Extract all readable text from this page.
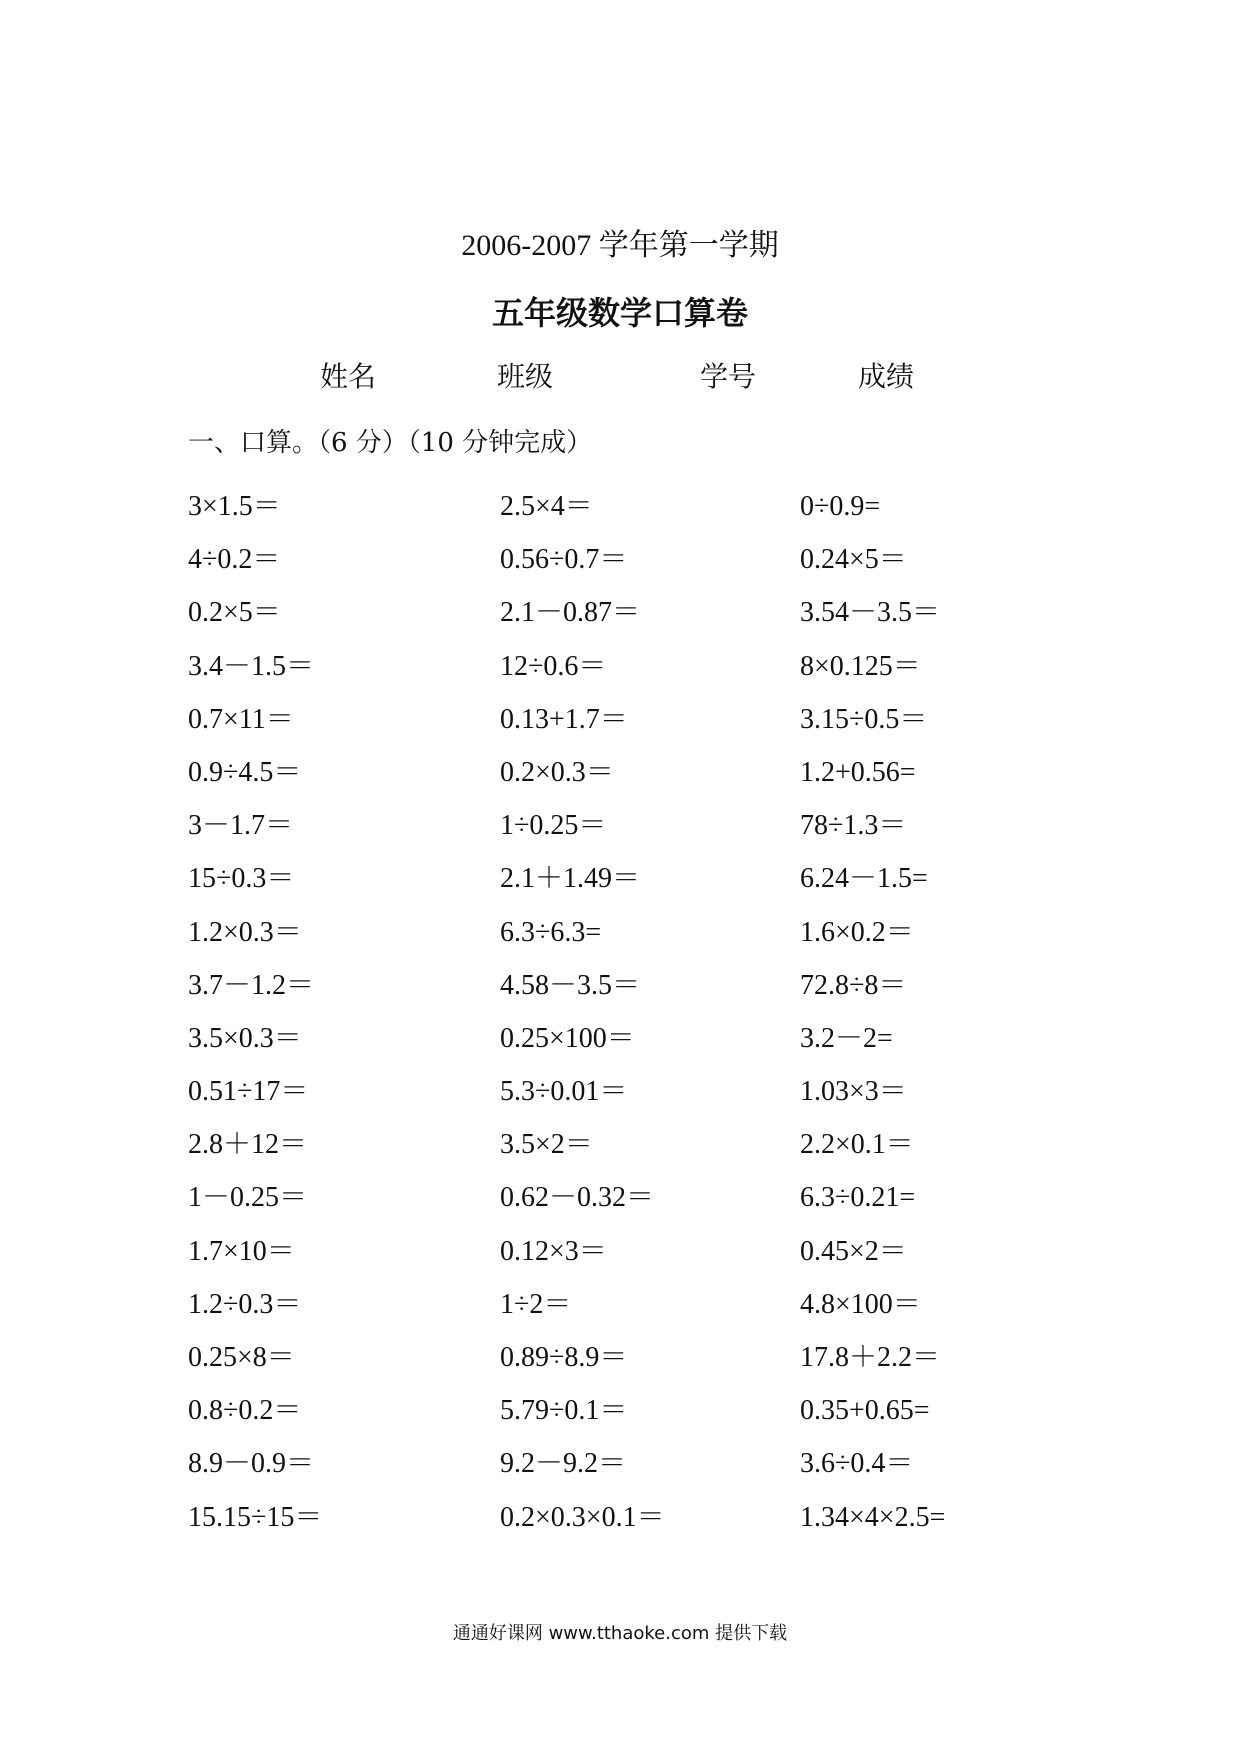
2006-2007 学年第一学期
五年级数学口算卷
姓名	班级	学号	成绩
一、口算。（6 分）（10 分钟完成）
3×1.5＝	2.5×4＝	0÷0.9=
4÷0.2＝	0.56÷0.7＝	0.24×5＝
0.2×5＝	2.1－0.87＝	3.54－3.5＝
3.4－1.5＝	12÷0.6＝	8×0.125＝
0.7×11＝	0.13+1.7＝	3.15÷0.5＝
0.9÷4.5＝	0.2×0.3＝	1.2+0.56=
3－1.7＝	1÷0.25＝	78÷1.3＝
15÷0.3＝	2.1＋1.49＝	6.24－1.5=
1.2×0.3＝	6.3÷6.3=	1.6×0.2＝
3.7－1.2＝	4.58－3.5＝	72.8÷8＝
3.5×0.3＝	0.25×100＝	3.2－2=
0.51÷17＝	5.3÷0.01＝	1.03×3＝
2.8＋12＝	3.5×2＝	2.2×0.1＝
1－0.25＝	0.62－0.32＝	6.3÷0.21=
1.7×10＝	0.12×3＝	0.45×2＝
1.2÷0.3＝	1÷2＝	4.8×100＝
0.25×8＝	0.89÷8.9＝	17.8＋2.2＝
0.8÷0.2＝	5.79÷0.1＝	0.35+0.65=
8.9－0.9＝	9.2－9.2＝	3.6÷0.4＝
15.15÷15＝	0.2×0.3×0.1＝	1.34×4×2.5=
通通好课网 www.tthaoke.com 提供下载
